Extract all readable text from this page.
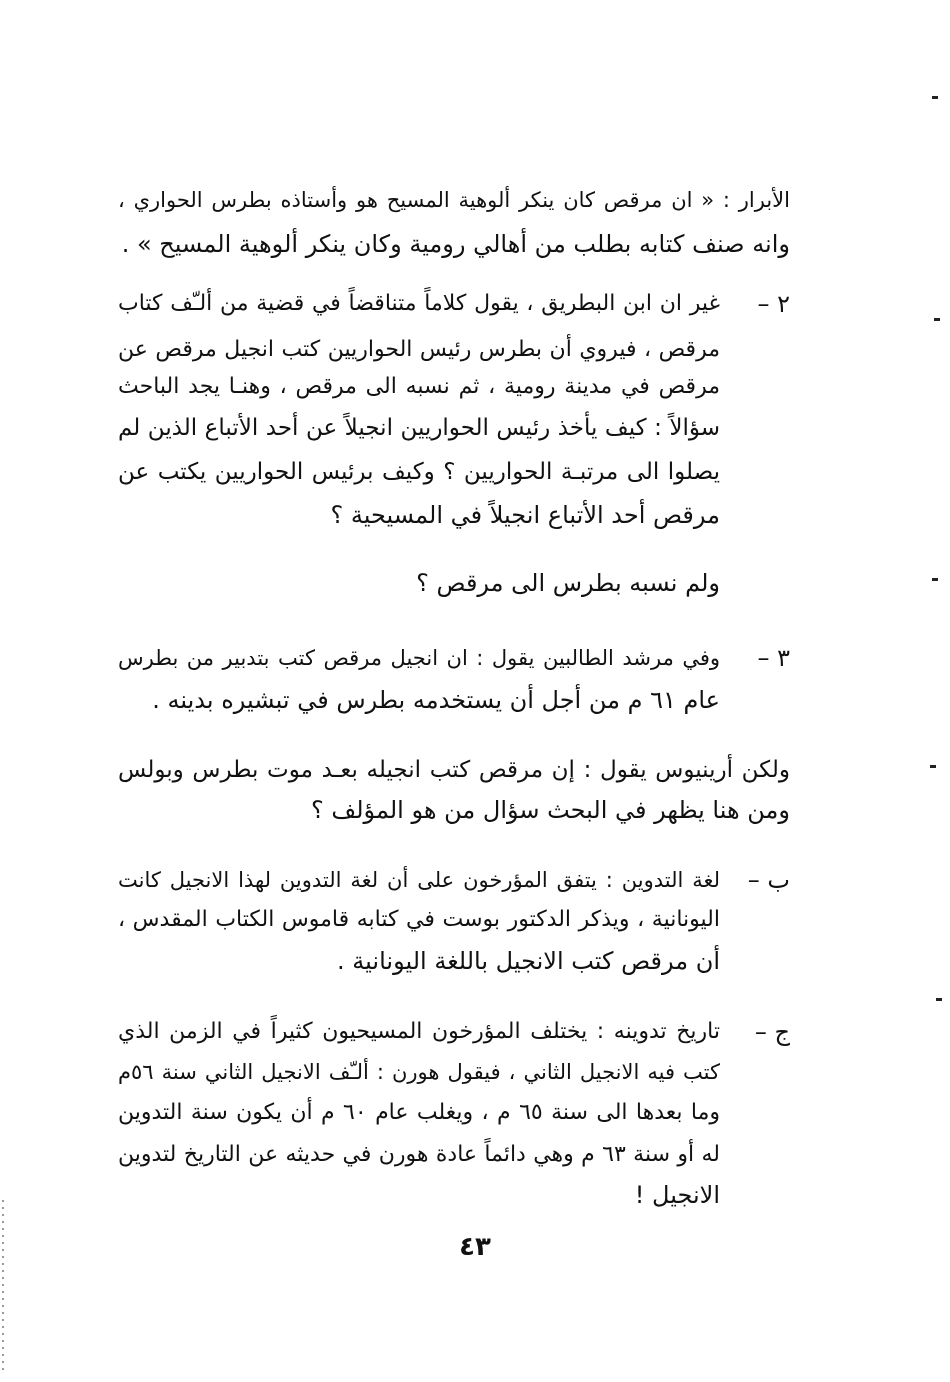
الأبرار : « ان مرقص كان ينكر ألوهية المسيح هو وأستاذه بطرس الحواري ،
وانه صنف كتابه بطلب من أهالي رومية وكان ينكر ألوهية المسيح » .
٢ –
غير ان ابن البطريق ، يقول كلاماً متناقضاً في قضية من ألـّف كتاب
مرقص ، فيروي أن بطرس رئيس الحواريين كتب انجيل مرقص عن
مرقص في مدينة رومية ، ثم نسبه الى مرقص ، وهنـا يجد الباحث
سؤالاً : كيف يأخذ رئيس الحواريين انجيلاً عن أحد الأتباع الذين لم
يصلوا الى مرتبـة الحواريين ؟ وكيف برئيس الحواريين يكتب عن
مرقص أحد الأتباع انجيلاً في المسيحية ؟
ولم نسبه بطرس الى مرقص ؟
٣ –
وفي مرشد الطالبين يقول : ان انجيل مرقص كتب بتدبير من بطرس
عام ٦١ م من أجل أن يستخدمه بطرس في تبشيره بدينه .
ولكن أرينيوس يقول : إن مرقص كتب انجيله بعـد موت بطرس وبولس
ومن هنا يظهر في البحث سؤال من هو المؤلف ؟
ب –
لغة التدوين : يتفق المؤرخون على أن لغة التدوين لهذا الانجيل كانت
اليونانية ، ويذكر الدكتور بوست في كتابه قاموس الكتاب المقدس ،
أن مرقص كتب الانجيل باللغة اليونانية .
ج –
تاريخ تدوينه : يختلف المؤرخون المسيحيون كثيراً في الزمن الذي
كتب فيه الانجيل الثاني ، فيقول هورن : ألـّف الانجيل الثاني سنة ٥٦م
وما بعدها الى سنة ٦٥ م ، ويغلب عام ٦٠ م أن يكون سنة التدوين
له أو سنة ٦٣ م وهي دائماً عادة هورن في حديثه عن التاريخ لتدوين
الانجيل !
٤٣
